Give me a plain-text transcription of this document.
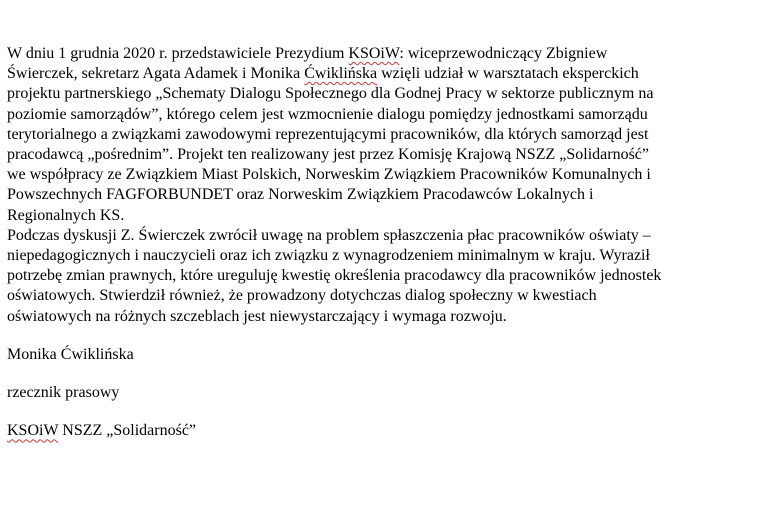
W dniu 1 grudnia 2020 r. przedstawiciele Prezydium KSOiW: wiceprzewodniczący Zbigniew
Świerczek, sekretarz Agata Adamek i Monika Ćwiklińska wzięli udział w warsztatach eksperckich
projektu partnerskiego „Schematy Dialogu Społecznego dla Godnej Pracy w sektorze publicznym na
poziomie samorządów”, którego celem jest wzmocnienie dialogu pomiędzy jednostkami samorządu
terytorialnego a związkami zawodowymi reprezentującymi pracowników, dla których samorząd jest
pracodawcą „pośrednim”. Projekt ten realizowany jest przez Komisję Krajową NSZZ „Solidarność”
we współpracy ze Związkiem Miast Polskich, Norweskim Związkiem Pracowników Komunalnych i
Powszechnych FAGFORBUNDET oraz Norweskim Związkiem Pracodawców Lokalnych i
Regionalnych KS.
Podczas dyskusji Z. Świerczek zwrócił uwagę na problem spłaszczenia płac pracowników oświaty –
niepedagogicznych i nauczycieli oraz ich związku z wynagrodzeniem minimalnym w kraju. Wyraził
potrzebę zmian prawnych, które ureguluję kwestię określenia pracodawcy dla pracowników jednostek
oświatowych. Stwierdził również, że prowadzony dotychczas dialog społeczny w kwestiach
oświatowych na różnych szczeblach jest niewystarczający i wymaga rozwoju.

Monika Ćwiklińska

rzecznik prasowy

KSOiW NSZZ „Solidarność”
